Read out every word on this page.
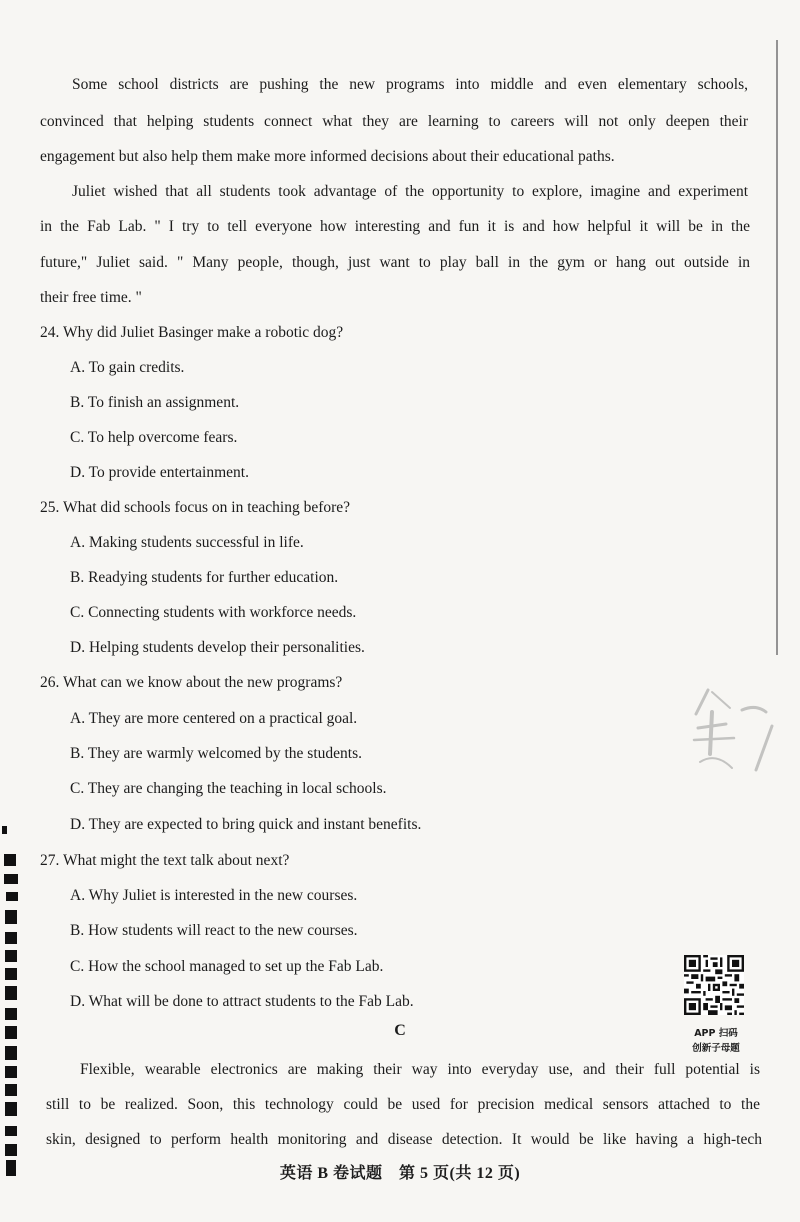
Some school districts are pushing the new programs into middle and even elementary schools,
convinced that helping students connect what they are learning to careers will not only deepen their
engagement but also help them make more informed decisions about their educational paths.
Juliet wished that all students took advantage of the opportunity to explore, imagine and experiment
in the Fab Lab. " I try to tell everyone how interesting and fun it is and how helpful it will be in the
future," Juliet said. " Many people, though, just want to play ball in the gym or hang out outside in
their free time. "
24. Why did Juliet Basinger make a robotic dog?
A. To gain credits.
B. To finish an assignment.
C. To help overcome fears.
D. To provide entertainment.
25. What did schools focus on in teaching before?
A. Making students successful in life.
B. Readying students for further education.
C. Connecting students with workforce needs.
D. Helping students develop their personalities.
26. What can we know about the new programs?
A. They are more centered on a practical goal.
B. They are warmly welcomed by the students.
C. They are changing the teaching in local schools.
D. They are expected to bring quick and instant benefits.
27. What might the text talk about next?
A. Why Juliet is interested in the new courses.
B. How students will react to the new courses.
C. How the school managed to set up the Fab Lab.
D. What will be done to attract students to the Fab Lab.
C
Flexible, wearable electronics are making their way into everyday use, and their full potential is
still to be realized. Soon, this technology could be used for precision medical sensors attached to the
skin, designed to perform health monitoring and disease detection. It would be like having a high-tech
APP 扫码
创新子母题
英语 B 卷试题　第 5 页(共 12 页)
